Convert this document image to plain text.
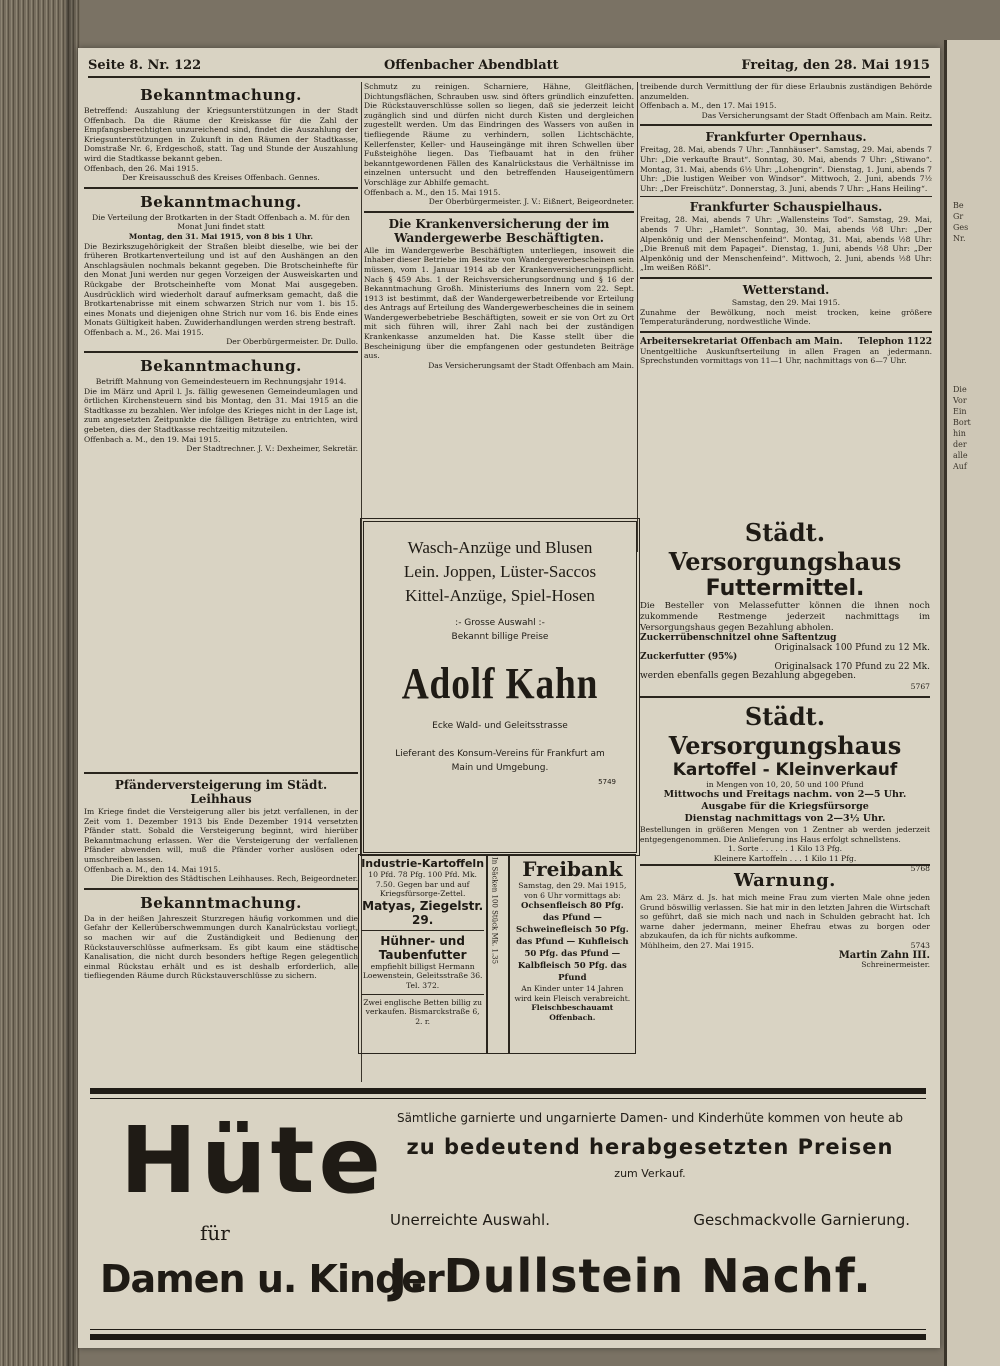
Seite 8. Nr. 122	Offenbacher Abendblatt	Freitag, den 28. Mai 1915
Bekanntmachung.

Betreffend: Auszahlung der Kriegsunterstützungen in der Stadt Offenbach. Da die Räume der Kreiskasse für die Zahl der Empfangsberechtigten unzureichend sind, findet die Auszahlung der Kriegsunterstützungen in Zukunft in den Räumen der Stadtkasse, Domstraße Nr. 6, Erdgeschoß, statt. Tag und Stunde der Auszahlung wird die Stadtkasse bekannt geben.

Offenbach, den 26. Mai 1915.

Der Kreisausschuß des Kreises Offenbach. Gennes.

Bekanntmachung.

Die Verteilung der Brotkarten in der Stadt Offenbach a. M. für den Monat Juni findet statt

Montag, den 31. Mai 1915, von 8 bis 1 Uhr.

Die Bezirkszugehörigkeit der Straßen bleibt dieselbe, wie bei der früheren Brotkartenverteilung und ist auf den Aushängen an den Anschlagsäulen nochmals bekannt gegeben. Die Brotscheinhefte für den Monat Juni werden nur gegen Vorzeigen der Ausweiskarten und Rückgabe der Brotscheinhefte vom Monat Mai ausgegeben. Ausdrücklich wird wiederholt darauf aufmerksam gemacht, daß die Brotkartenabrisse mit einem schwarzen Strich nur vom 1. bis 15. eines Monats und diejenigen ohne Strich nur vom 16. bis Ende eines Monats Gültigkeit haben. Zuwiderhandlungen werden streng bestraft.

Offenbach a. M., 26. Mai 1915.

Der Oberbürgermeister. Dr. Dullo.

Bekanntmachung.

Betrifft Mahnung von Gemeindesteuern im Rechnungsjahr 1914.

Die im März und April l. Js. fällig gewesenen Gemeindeumlagen und örtlichen Kirchensteuern sind bis Montag, den 31. Mai 1915 an die Stadtkasse zu bezahlen. Wer infolge des Krieges nicht in der Lage ist, zum angesetzten Zeitpunkte die fälligen Beträge zu entrichten, wird gebeten, dies der Stadtkasse rechtzeitig mitzuteilen.

Offenbach a. M., den 19. Mai 1915.

Der Stadtrechner. J. V.: Dexheimer, Sekretär.

Pfänderversteigerung im Städt. Leihhaus

Im Kriege findet die Versteigerung aller bis jetzt verfallenen, in der Zeit vom 1. Dezember 1913 bis Ende Dezember 1914 versetzten Pfänder statt. Sobald die Versteigerung beginnt, wird hierüber Bekanntmachung erlassen. Wer die Versteigerung der verfallenen Pfänder abwenden will, muß die Pfänder vorher auslösen oder umschreiben lassen.

Offenbach a. M., den 14. Mai 1915.

Die Direktion des Städtischen Leihhauses. Rech, Beigeordneter.

Bekanntmachung.

Da in der heißen Jahreszeit Sturzregen häufig vorkommen und die Gefahr der Kellerüberschwemmungen durch Kanalrückstau vorliegt, so machen wir auf die Zuständigkeit und Bedienung der Rückstauverschlüsse aufmerksam. Es gibt kaum eine städtische Kanalisation, die nicht durch besonders heftige Regen gelegentlich einmal Rückstau erhält und es ist deshalb erforderlich, alle tiefliegenden Räume durch Rückstauverschlüsse zu sichern.

Schmutz zu reinigen. Scharniere, Hähne, Gleitflächen, Dichtungsflächen, Schrauben usw. sind öfters gründlich einzufetten. Die Rückstauverschlüsse sollen so liegen, daß sie jederzeit leicht zugänglich sind und dürfen nicht durch Kisten und dergleichen zugestellt werden. Um das Eindringen des Wassers von außen in tiefliegende Räume zu verhindern, sollen Lichtschächte, Kellerfenster, Keller- und Hauseingänge mit ihren Schwellen über Fußsteighöhe liegen. Das Tiefbauamt hat in den früher bekanntgewordenen Fällen des Kanalrückstaus die Verhältnisse im einzelnen untersucht und den betreffenden Hauseigentümern Vorschläge zur Abhilfe gemacht.

Offenbach a. M., den 15. Mai 1915.

Der Oberbürgermeister. J. V.: Eißnert, Beigeordneter.

Die Krankenversicherung der im Wandergewerbe Beschäftigten.

Alle im Wandergewerbe Beschäftigten unterliegen, insoweit die Inhaber dieser Betriebe im Besitze von Wandergewerbescheinen sein müssen, vom 1. Januar 1914 ab der Krankenversicherungspflicht. Nach § 459 Abs. 1 der Reichsversicherungsordnung und § 16 der Bekanntmachung Großh. Ministeriums des Innern vom 22. Sept. 1913 ist bestimmt, daß der Wandergewerbetreibende vor Erteilung des Antrags auf Erteilung des Wandergewerbescheines die in seinem Wandergewerbebetriebe Beschäftigten, soweit er sie von Ort zu Ort mit sich führen will, ihrer Zahl nach bei der zuständigen Krankenkasse anzumelden hat. Die Kasse stellt über die Bescheinigung über die empfangenen oder gestundeten Beiträge aus.

Das Versicherungsamt der Stadt Offenbach am Main.

treibende durch Vermittlung der für diese Erlaubnis zuständigen Behörde anzumelden.

Offenbach a. M., den 17. Mai 1915.

Das Versicherungsamt der Stadt Offenbach am Main. Reitz.

Frankfurter Opernhaus.

Freitag, 28. Mai, abends 7 Uhr: „Tannhäuser“. Samstag, 29. Mai, abends 7 Uhr: „Die verkaufte Braut“. Sonntag, 30. Mai, abends 7 Uhr: „Stiwano“. Montag, 31. Mai, abends 6½ Uhr: „Lohengrin“. Dienstag, 1. Juni, abends 7 Uhr: „Die lustigen Weiber von Windsor“. Mittwoch, 2. Juni, abends 7½ Uhr: „Der Freischütz“. Donnerstag, 3. Juni, abends 7 Uhr: „Hans Heiling“.

Frankfurter Schauspielhaus.

Freitag, 28. Mai, abends 7 Uhr: „Wallensteins Tod“. Samstag, 29. Mai, abends 7 Uhr: „Hamlet“. Sonntag, 30. Mai, abends ½8 Uhr: „Der Alpenkönig und der Menschenfeind“. Montag, 31. Mai, abends ½8 Uhr: „Die Brenuß mit dem Papagei“. Dienstag, 1. Juni, abends ½8 Uhr: „Der Alpenkönig und der Menschenfeind“. Mittwoch, 2. Juni, abends ½8 Uhr: „Im weißen Rößl“.

Wetterstand.

Samstag, den 29. Mai 1915.

Zunahme der Bewölkung, noch meist trocken, keine größere Temperaturänderung, nordwestliche Winde.

Arbeitersekretariat Offenbach am Main. Telephon 1122

Unentgeltliche Auskunftserteilung in allen Fragen an jedermann. Sprechstunden vormittags von 11—1 Uhr, nachmittags von 6—7 Uhr.

Wasch-Anzüge und Blusen
Lein. Joppen, Lüster-Saccos
Kittel-Anzüge, Spiel-Hosen
:- Grosse Auswahl :-
Bekannt billige Preise
Adolf Kahn
Ecke Wald- und Geleitsstrasse
Lieferant des Konsum-Vereins für Frankfurt am Main und Umgebung.
5749
Industrie-Kartoffeln

10 Pfd. 78 Pfg. 100 Pfd. Mk. 7.50. Gegen bar und auf Kriegsfürsorge-Zettel.

Matyas, Ziegelstr. 29.
Hühner- und Taubenfutter

empfiehlt billigst Hermann Loewenstein, Geleitsstraße 36. Tel. 372.

Zwei englische Betten billig zu verkaufen. Bismarckstraße 6, 2. r.

In Säcken 100 Stück Mk. 1.35	Freibank

Samstag, den 29. Mai 1915, von 6 Uhr vormittags ab:

Ochsenfleisch 80 Pfg. das Pfund — Schweinefleisch 50 Pfg. das Pfund — Kuhfleisch 50 Pfg. das Pfund — Kalbfleisch 50 Pfg. das Pfund

An Kinder unter 14 Jahren wird kein Fleisch verabreicht.

Fleischbeschauamt Offenbach.

Städt. Versorgungshaus
Futtermittel.

Die Besteller von Melassefutter können die ihnen noch zukommende Restmenge jederzeit nachmittags im Versorgungshaus gegen Bezahlung abholen.

Zuckerrübenschnitzel ohne Saftentzug

Originalsack 100 Pfund zu 12 Mk.

Zuckerfutter (95%)

Originalsack 170 Pfund zu 22 Mk.

werden ebenfalls gegen Bezahlung abgegeben.

5767

Städt. Versorgungshaus
Kartoffel - Kleinverkauf

in Mengen von 10, 20, 50 und 100 Pfund

Mittwochs und Freitags nachm. von 2—5 Uhr.

Ausgabe für die Kriegsfürsorge

Dienstag nachmittags von 2—3½ Uhr.

Bestellungen in größeren Mengen von 1 Zentner ab werden jederzeit entgegengenommen. Die Anlieferung ins Haus erfolgt schnellstens.

1. Sorte . . . . . . 1 Kilo 13 Pfg.

Kleinere Kartoffeln . . . 1 Kilo 11 Pfg.

5768

Warnung.

Am 23. März d. Js. hat mich meine Frau zum vierten Male ohne jeden Grund böswillig verlassen. Sie hat mir in den letzten Jahren die Wirtschaft so geführt, daß sie mich nach und nach in Schulden gebracht hat. Ich warne daher jedermann, meiner Ehefrau etwas zu borgen oder abzukaufen, da ich für nichts aufkomme.

Mühlheim, den 27. Mai 1915.	5743

Martin Zahn III.

Schreinermeister.

Hüte
für
Damen u. Kinder
Sämtliche garnierte und ungarnierte Damen- und Kinderhüte kommen von heute ab
zu bedeutend herabgesetzten Preisen
zum Verkauf.
Unerreichte Auswahl.	Geschmackvolle Garnierung.
J. Dullstein Nachf.
Be
Gr
Ges
Nr.
Die
Vor
Ein
Bort
hin
der
alle
Auf
